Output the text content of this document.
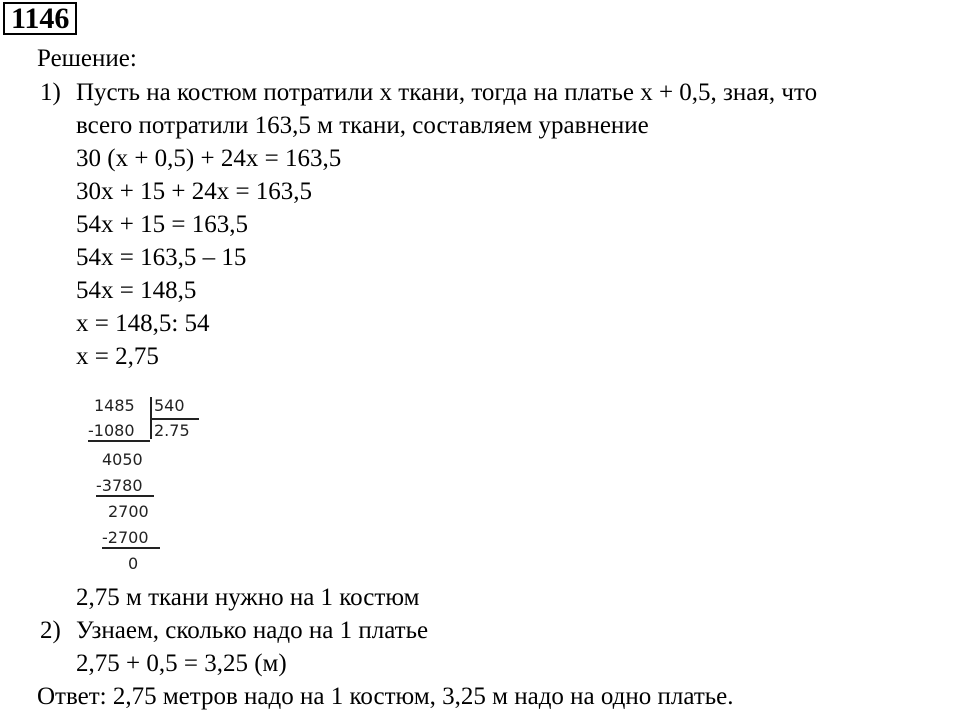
1146
Решение:
1) Пусть на костюм потратили x ткани, тогда на платье x + 0,5, зная, что
всего потратили 163,5 м ткани, составляем уравнение
30 (x + 0,5) + 24x = 163,5
30x + 15 + 24x = 163,5
54x + 15 = 163,5
54x = 163,5 – 15
54x = 148,5
x = 148,5: 54
x = 2,75
1485 540
-1080 2.75
4050
-3780
2700
-2700
0
2,75 м ткани нужно на 1 костюм
2) Узнаем, сколько надо на 1 платье
2,75 + 0,5 = 3,25 (м)
Ответ: 2,75 метров надо на 1 костюм, 3,25 м надо на одно платье.
